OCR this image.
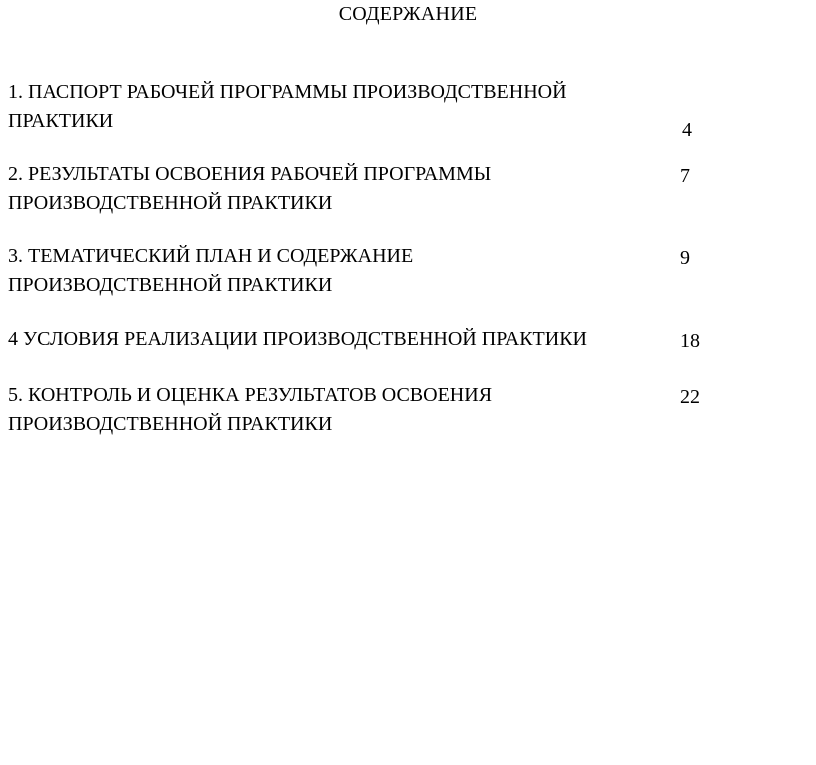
СОДЕРЖАНИЕ
1. ПАСПОРТ РАБОЧЕЙ ПРОГРАММЫ ПРОИЗВОДСТВЕННОЙ
ПРАКТИКИ	4
2. РЕЗУЛЬТАТЫ ОСВОЕНИЯ РАБОЧЕЙ ПРОГРАММЫ
ПРОИЗВОДСТВЕННОЙ ПРАКТИКИ
7
3. ТЕМАТИЧЕСКИЙ ПЛАН И СОДЕРЖАНИЕ
ПРОИЗВОДСТВЕННОЙ ПРАКТИКИ
9
4 УСЛОВИЯ РЕАЛИЗАЦИИ ПРОИЗВОДСТВЕННОЙ ПРАКТИКИ	18
5. КОНТРОЛЬ И ОЦЕНКА РЕЗУЛЬТАТОВ ОСВОЕНИЯ
ПРОИЗВОДСТВЕННОЙ ПРАКТИКИ
22
